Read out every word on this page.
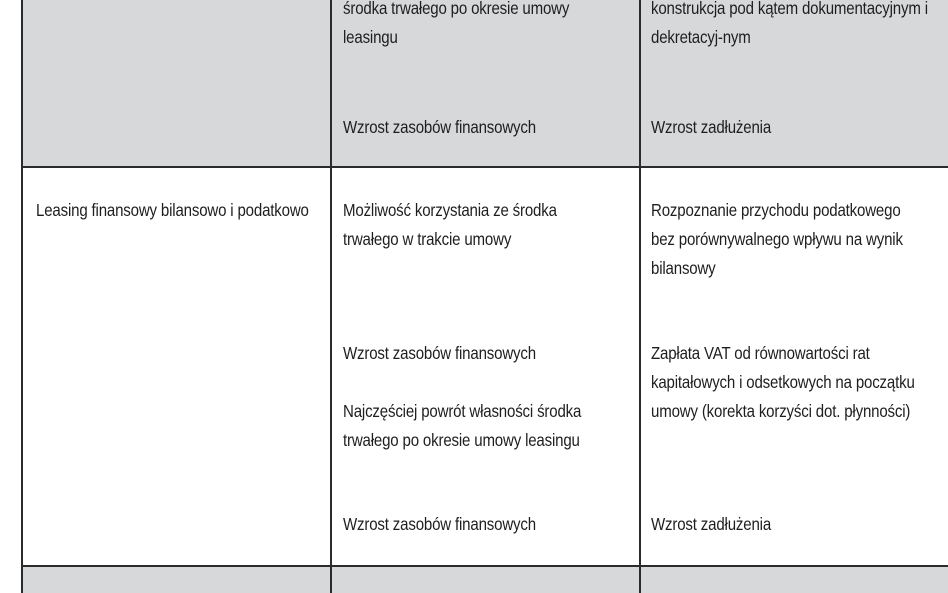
środka trwałego po okresie umowy leasingu

Wzrost zasobów finansowych

konstrukcja pod kątem dokumentacyjnym i dekretacyj-nym

Wzrost zadłużenia

Leasing finansowy bilansowo i podatkowo	Możliwość korzystania ze środka trwałego w trakcie umowy

Wzrost zasobów finansowych

Najczęściej powrót własności środka trwałego po okresie umowy leasingu

Wzrost zasobów finansowych

Rozpoznanie przychodu podatkowego bez porównywalnego wpływu na wynik bilansowy

Zapłata VAT od równowartości rat kapitałowych i odsetkowych na początku umowy (korekta korzyści dot. płynności)

Wzrost zadłużenia
